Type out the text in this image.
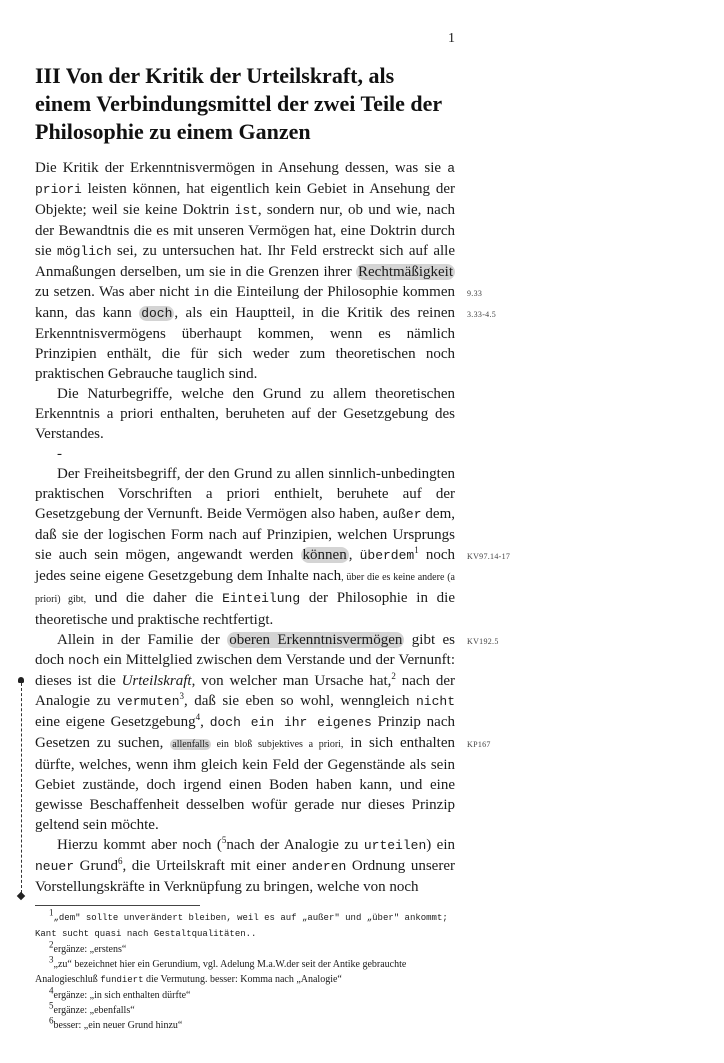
1
III Von der Kritik der Urteilskraft, als einem Verbindungsmittel der zwei Teile der Philosophie zu einem Ganzen

Die Kritik der Erkenntnisvermögen in Ansehung dessen, was sie a priori leisten können, hat eigentlich kein Gebiet in Ansehung der Objekte; weil sie keine Doktrin ist, sondern nur, ob und wie, nach der Bewandtnis die es mit unseren Vermögen hat, eine Doktrin durch sie möglich sei, zu untersuchen hat. Ihr Feld erstreckt sich auf alle Anmaßungen derselben, um sie in die Grenzen ihrer Rechtmäßigkeit zu setzen. Was aber nicht in die Einteilung der Philosophie kommen kann, das kann doch , als ein Hauptteil, in die Kritik des reinen Erkenntnisvermögens überhaupt kommen, wenn es nämlich Prinzipien enthält, die für sich weder zum theoretischen noch praktischen Gebrauche tauglich sind.

Die Naturbegriffe, welche den Grund zu allem theoretischen Erkenntnis a priori enthalten, beruheten auf der Gesetzgebung des Verstandes.

-

Der Freiheitsbegriff, der den Grund zu allen sinnlich-unbedingten praktischen Vorschriften a priori enthielt, beruhete auf der Gesetzgebung der Vernunft. Beide Vermögen also haben, außer dem, daß sie der logischen Form nach auf Prinzipien, welchen Ursprungs sie auch sein mögen, angewandt werden können , überdem$^1$ noch jedes seine eigene Gesetzgebung dem Inhalte nach, über die es keine andere (a priori) gibt, und die daher die Einteilung der Philosophie in die theoretische und praktische rechtfertigt.

Allein in der Familie der oberen Erkenntnisvermögen gibt es doch noch ein Mittelglied zwischen dem Verstande und der Vernunft: dieses ist die Urteilskraft, von welcher man Ursache hat,$^2$ nach der Analogie zu vermuten$^3$, daß sie eben so wohl, wenngleich nicht eine eigene Gesetzgebung$^4$, doch ein ihr eigenes Prinzip nach Gesetzen zu suchen, allenfalls ein bloß subjektives a priori, in sich enthalten dürfte, welches, wenn ihm gleich kein Feld der Gegenstände als sein Gebiet zustände, doch irgend einen Boden haben kann, und eine gewisse Beschaffenheit desselben wofür gerade nur dieses Prinzip geltend sein möchte.

Hierzu kommt aber noch ($^5$nach der Analogie zu urteilen) ein neuer Grund$^6$, die Urteilskraft mit einer anderen Ordnung unserer Vorstellungskräfte in Verknüpfung zu bringen, welche von noch

9.33
3.33-4.5
KV97.14-17
KV192.5
KP167

$^1$„dem" sollte unverändert bleiben, weil es auf „außer" und „über" ankommt; Kant sucht quasi nach Gestaltqualitäten..

$^2$ergänze: „erstens“

$^3$„zu“ bezeichnet hier ein Gerundium, vgl. Adelung M.a.W.der seit der Antike gebrauchte Analogieschluß fundiert die Vermutung. besser: Komma nach „Analogie“

$^4$ergänze: „in sich enthalten dürfte“

$^5$ergänze: „ebenfalls“

$^6$besser: „ein neuer Grund hinzu“
